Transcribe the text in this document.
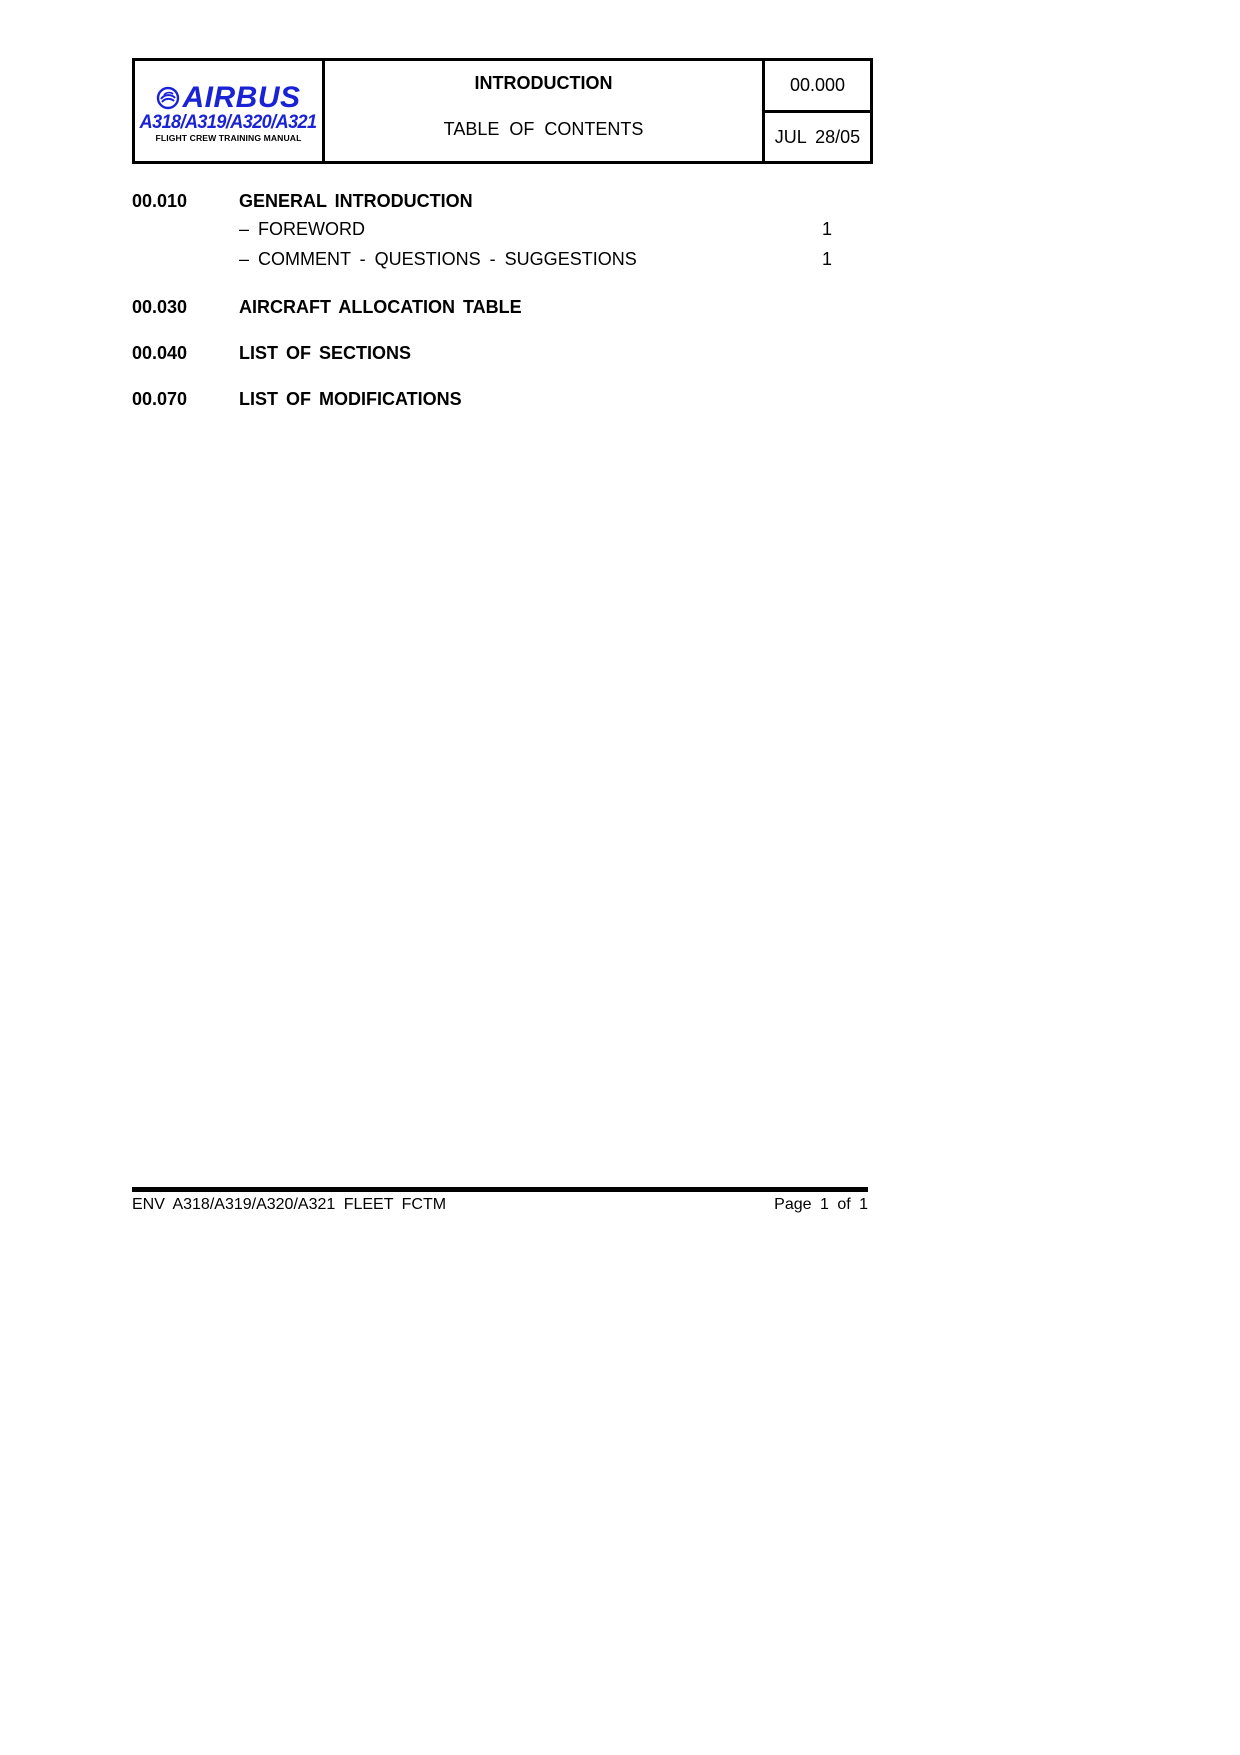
AIRBUS
A318/A319/A320/A321
FLIGHT CREW TRAINING MANUAL
INTRODUCTION
TABLE OF CONTENTS
00.000
JUL 28/05
00.010	GENERAL INTRODUCTION
– FOREWORD	1
– COMMENT - QUESTIONS - SUGGESTIONS	1
00.030	AIRCRAFT ALLOCATION TABLE
00.040	LIST OF SECTIONS
00.070	LIST OF MODIFICATIONS
ENV A318/A319/A320/A321 FLEET FCTM	Page 1 of 1
